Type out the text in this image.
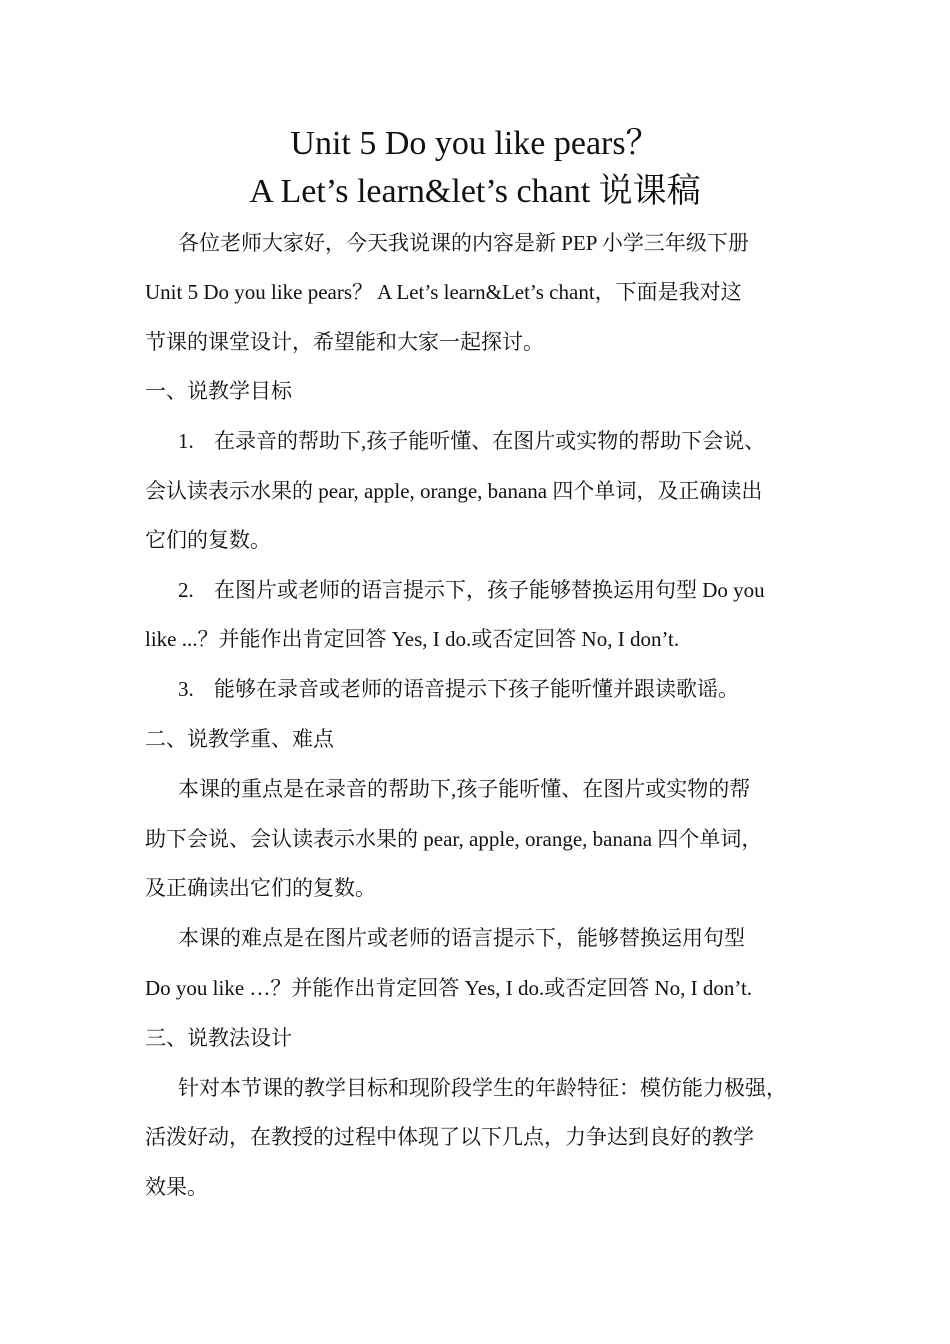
Unit 5 Do you like pears？
A Let’s learn&let’s chant 说课稿
各位老师大家好，今天我说课的内容是新 PEP 小学三年级下册
Unit 5 Do you like pears？ A Let’s learn&Let’s chant，下面是我对这
节课的课堂设计，希望能和大家一起探讨。
一、说教学目标
1. 在录音的帮助下,孩子能听懂、在图片或实物的帮助下会说、
会认读表示水果的 pear, apple, orange, banana 四个单词，及正确读出
它们的复数。
2. 在图片或老师的语言提示下，孩子能够替换运用句型 Do you
like ...？并能作出肯定回答 Yes, I do.或否定回答 No, I don’t.
3. 能够在录音或老师的语音提示下孩子能听懂并跟读歌谣。
二、说教学重、难点
本课的重点是在录音的帮助下,孩子能听懂、在图片或实物的帮
助下会说、会认读表示水果的 pear, apple, orange, banana 四个单词，
及正确读出它们的复数。
本课的难点是在图片或老师的语言提示下，能够替换运用句型
Do you like …？并能作出肯定回答 Yes, I do.或否定回答 No, I don’t.
三、说教法设计
针对本节课的教学目标和现阶段学生的年龄特征：模仿能力极强，
活泼好动，在教授的过程中体现了以下几点，力争达到良好的教学
效果。
